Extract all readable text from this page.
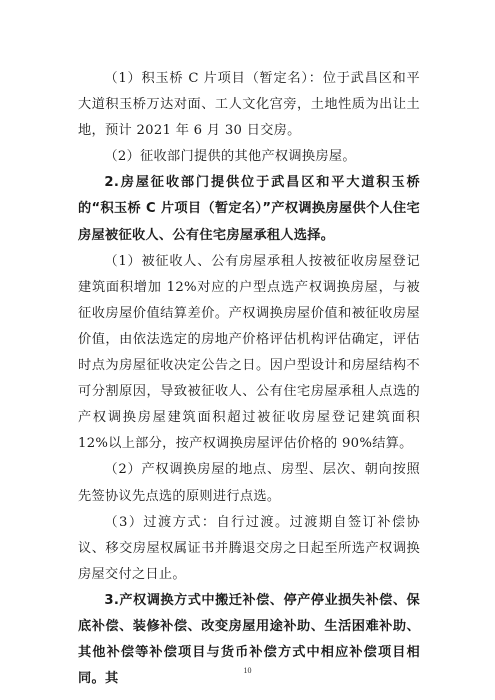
（1）积玉桥 C 片项目（暂定名）：位于武昌区和平大道积玉桥万达对面、工人文化宫旁，土地性质为出让土地，预计 2021 年 6 月 30 日交房。

（2）征收部门提供的其他产权调换房屋。

2.房屋征收部门提供位于武昌区和平大道积玉桥的“积玉桥 C 片项目（暂定名）”产权调换房屋供个人住宅房屋被征收人、公有住宅房屋承租人选择。

（1）被征收人、公有房屋承租人按被征收房屋登记建筑面积增加 12%对应的户型点选产权调换房屋，与被征收房屋价值结算差价。产权调换房屋价值和被征收房屋价值，由依法选定的房地产价格评估机构评估确定，评估时点为房屋征收决定公告之日。因户型设计和房屋结构不可分割原因，导致被征收人、公有住宅房屋承租人点选的产权调换房屋建筑面积超过被征收房屋登记建筑面积 12%以上部分，按产权调换房屋评估价格的 90%结算。

（2）产权调换房屋的地点、房型、层次、朝向按照先签协议先点选的原则进行点选。

（3）过渡方式：自行过渡。过渡期自签订补偿协议、移交房屋权属证书并腾退交房之日起至所选产权调换房屋交付之日止。

3.产权调换方式中搬迁补偿、停产停业损失补偿、保底补偿、装修补偿、改变房屋用途补助、生活困难补助、其他补偿等补偿项目与货币补偿方式中相应补偿项目相同。其

10
